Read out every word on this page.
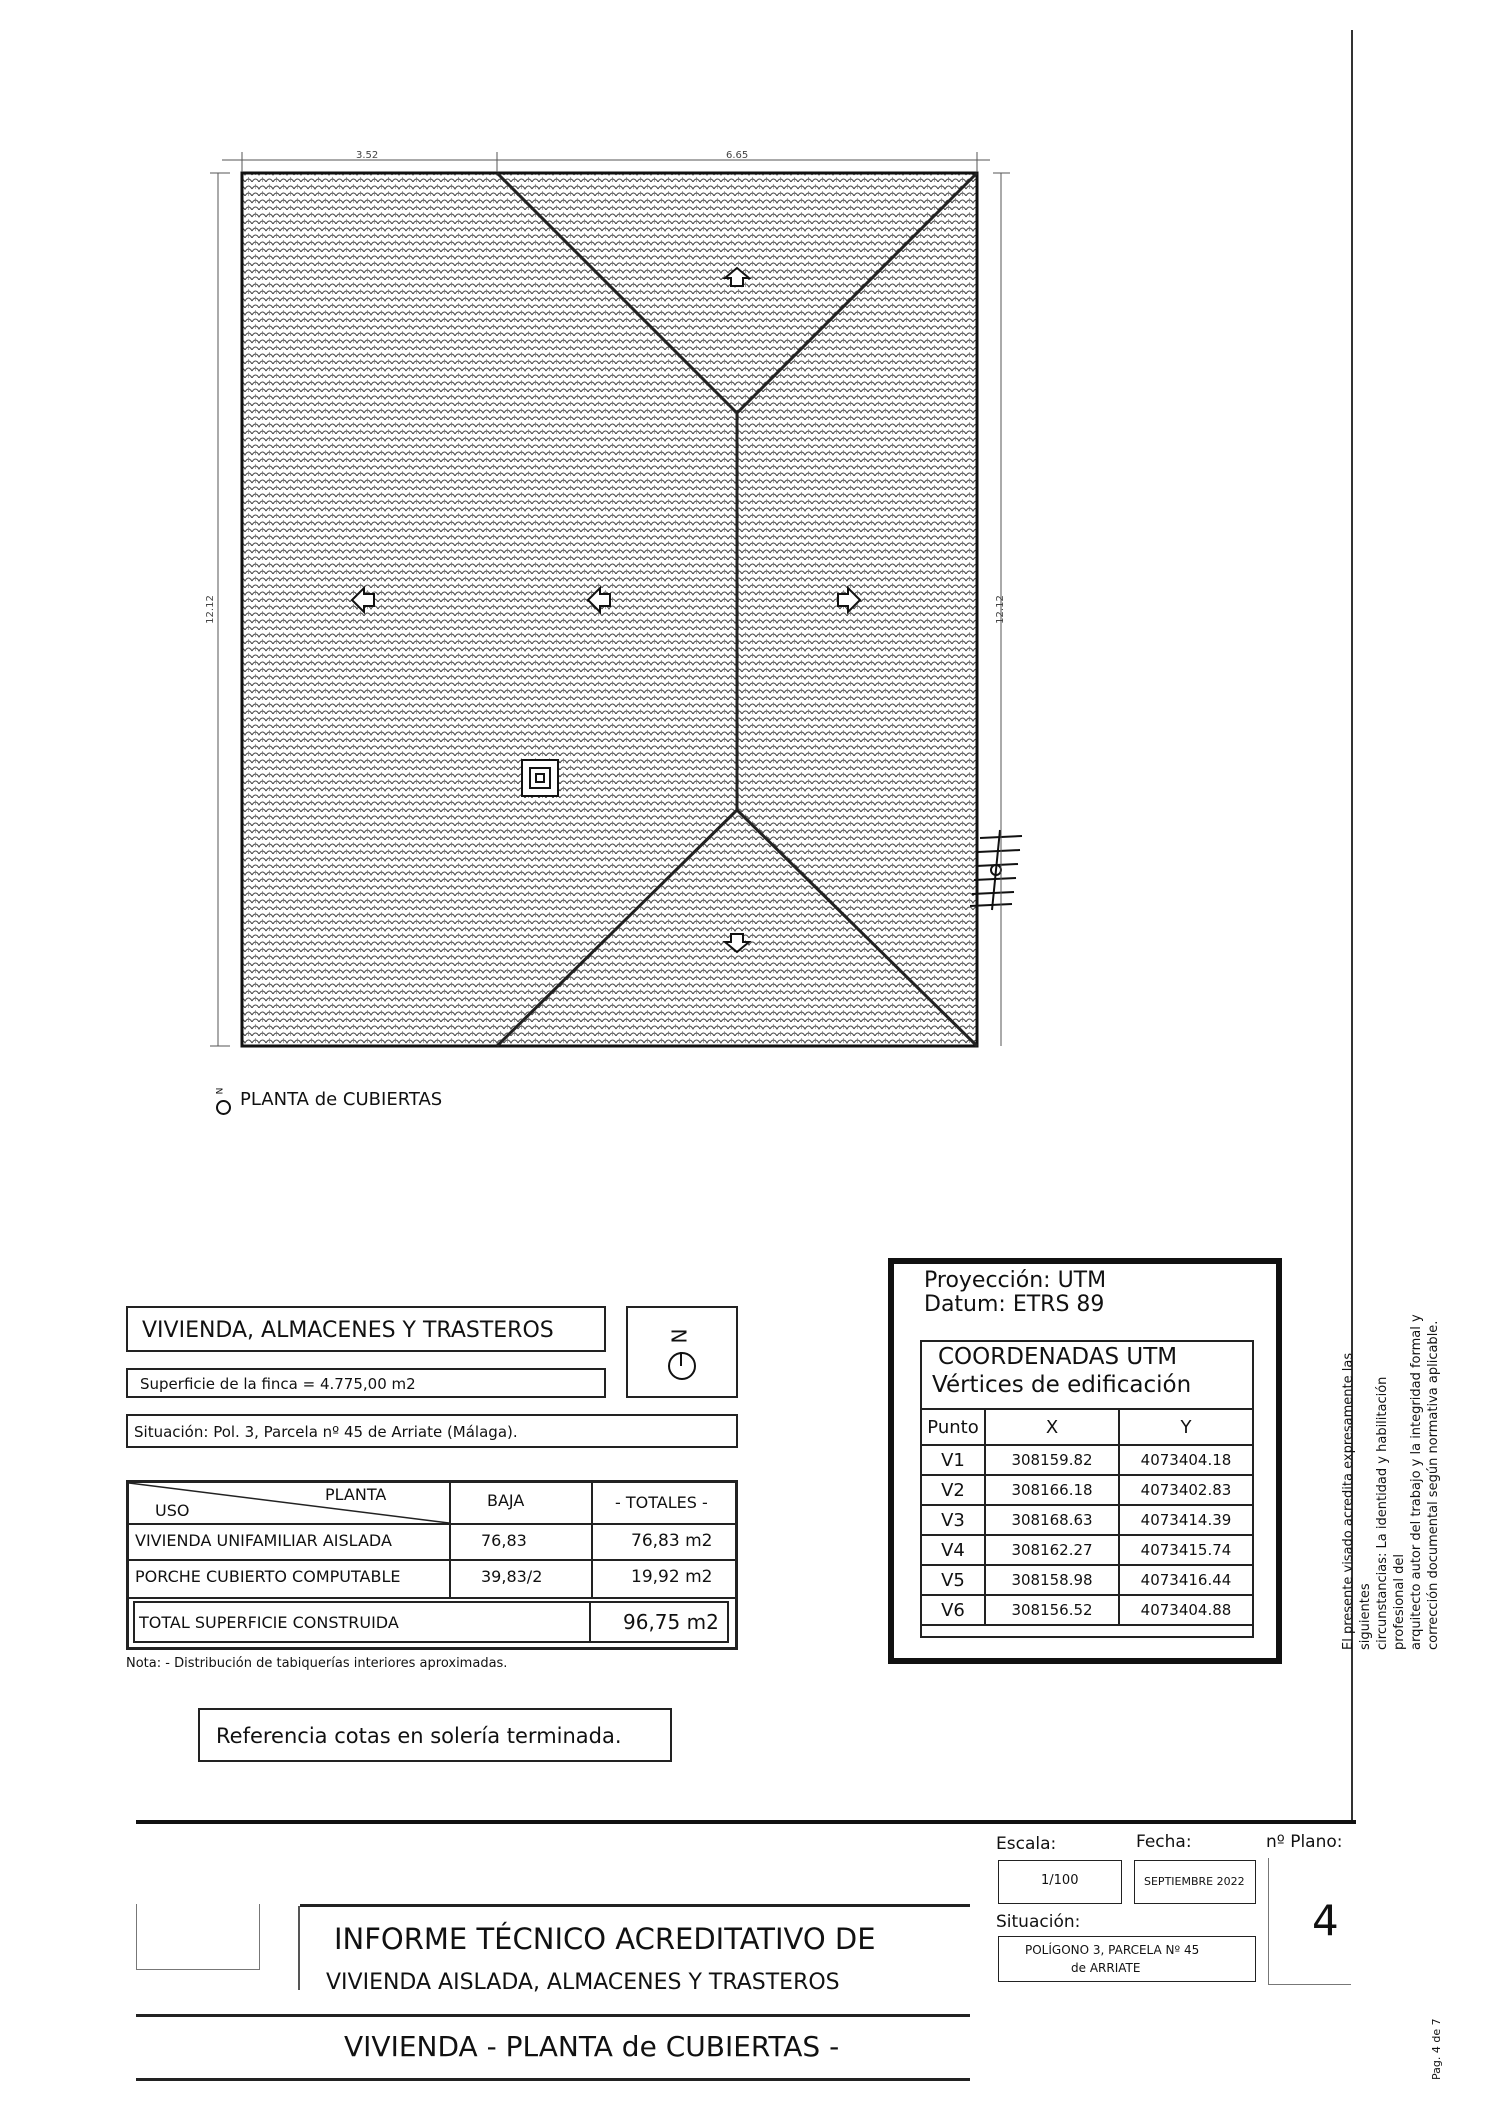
3.52	6.65
12.12	12.12
N PLANTA de CUBIERTAS
VIVIENDA, ALMACENES Y TRASTEROS	N
Superficie de la finca = 4.775,00 m2
Situación: Pol. 3, Parcela nº 45 de Arriate (Málaga).
PLANTA
USO
BAJA	- TOTALES -
VIVIENDA UNIFAMILIAR AISLADA	76,83	76,83 m2
PORCHE CUBIERTO COMPUTABLE	39,83/2	19,92 m2
TOTAL SUPERFICIE CONSTRUIDA	96,75 m2
Nota: - Distribución de tabiquerías interiores aproximadas.
Referencia cotas en solería terminada.
Proyección: UTM
Datum: ETRS 89
COORDENADAS UTM
Vértices de edificación
Punto	X	Y
V1	308159.82	4073404.18
V2	308166.18	4073402.83
V3	308168.63	4073414.39
V4	308162.27	4073415.74
V5	308158.98	4073416.44
V6	308156.52	4073404.88	El presente visado acredita expresamente las siguientes circunstancias: La identidad y habilitación profesional del arquitecto autor del trabajo y la integridad formal y corrección documental según normativa aplicable.
Pag. 4 de 7
Escala:
1/100
Fecha:
SEPTIEMBRE 2022
nº Plano:
4
Situación:
POLÍGONO 3, PARCELA Nº 45
de ARRIATE
INFORME TÉCNICO ACREDITATIVO DE
VIVIENDA AISLADA, ALMACENES Y TRASTEROS
VIVIENDA - PLANTA de CUBIERTAS -
